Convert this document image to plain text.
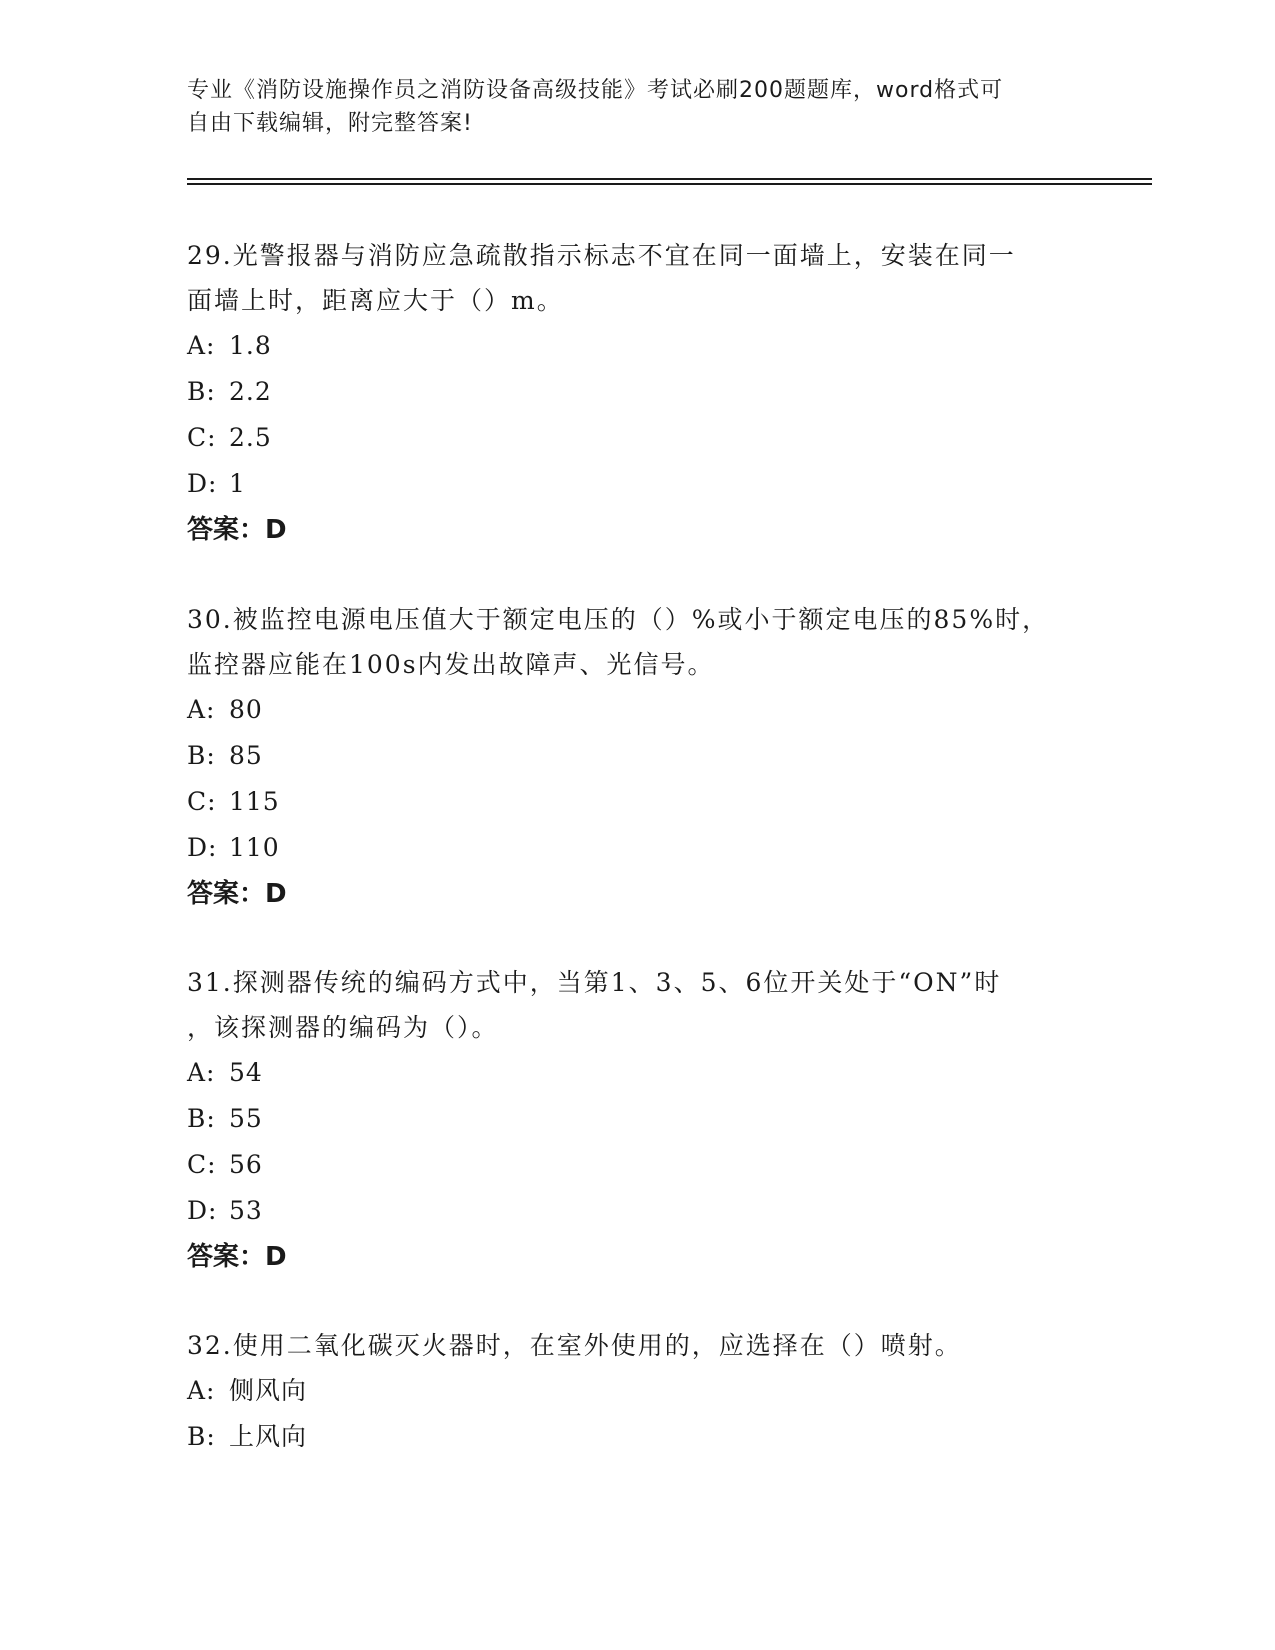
专业《消防设施操作员之消防设备高级技能》考试必刷200题题库，word格式可
自由下载编辑，附完整答案!
29.光警报器与消防应急疏散指示标志不宜在同一面墙上，安装在同一
面墙上时，距离应大于（）m。
A: 1.8
B: 2.2
C: 2.5
D: 1
答案：D
30.被监控电源电压值大于额定电压的（）%或小于额定电压的85%时，
监控器应能在100s内发出故障声、光信号。
A: 80
B: 85
C: 115
D: 110
答案：D
31.探测器传统的编码方式中，当第1、3、5、6位开关处于“ON”时
，该探测器的编码为（）。
A: 54
B: 55
C: 56
D: 53
答案：D
32.使用二氧化碳灭火器时，在室外使用的，应选择在（）喷射。
A: 侧风向
B: 上风向
